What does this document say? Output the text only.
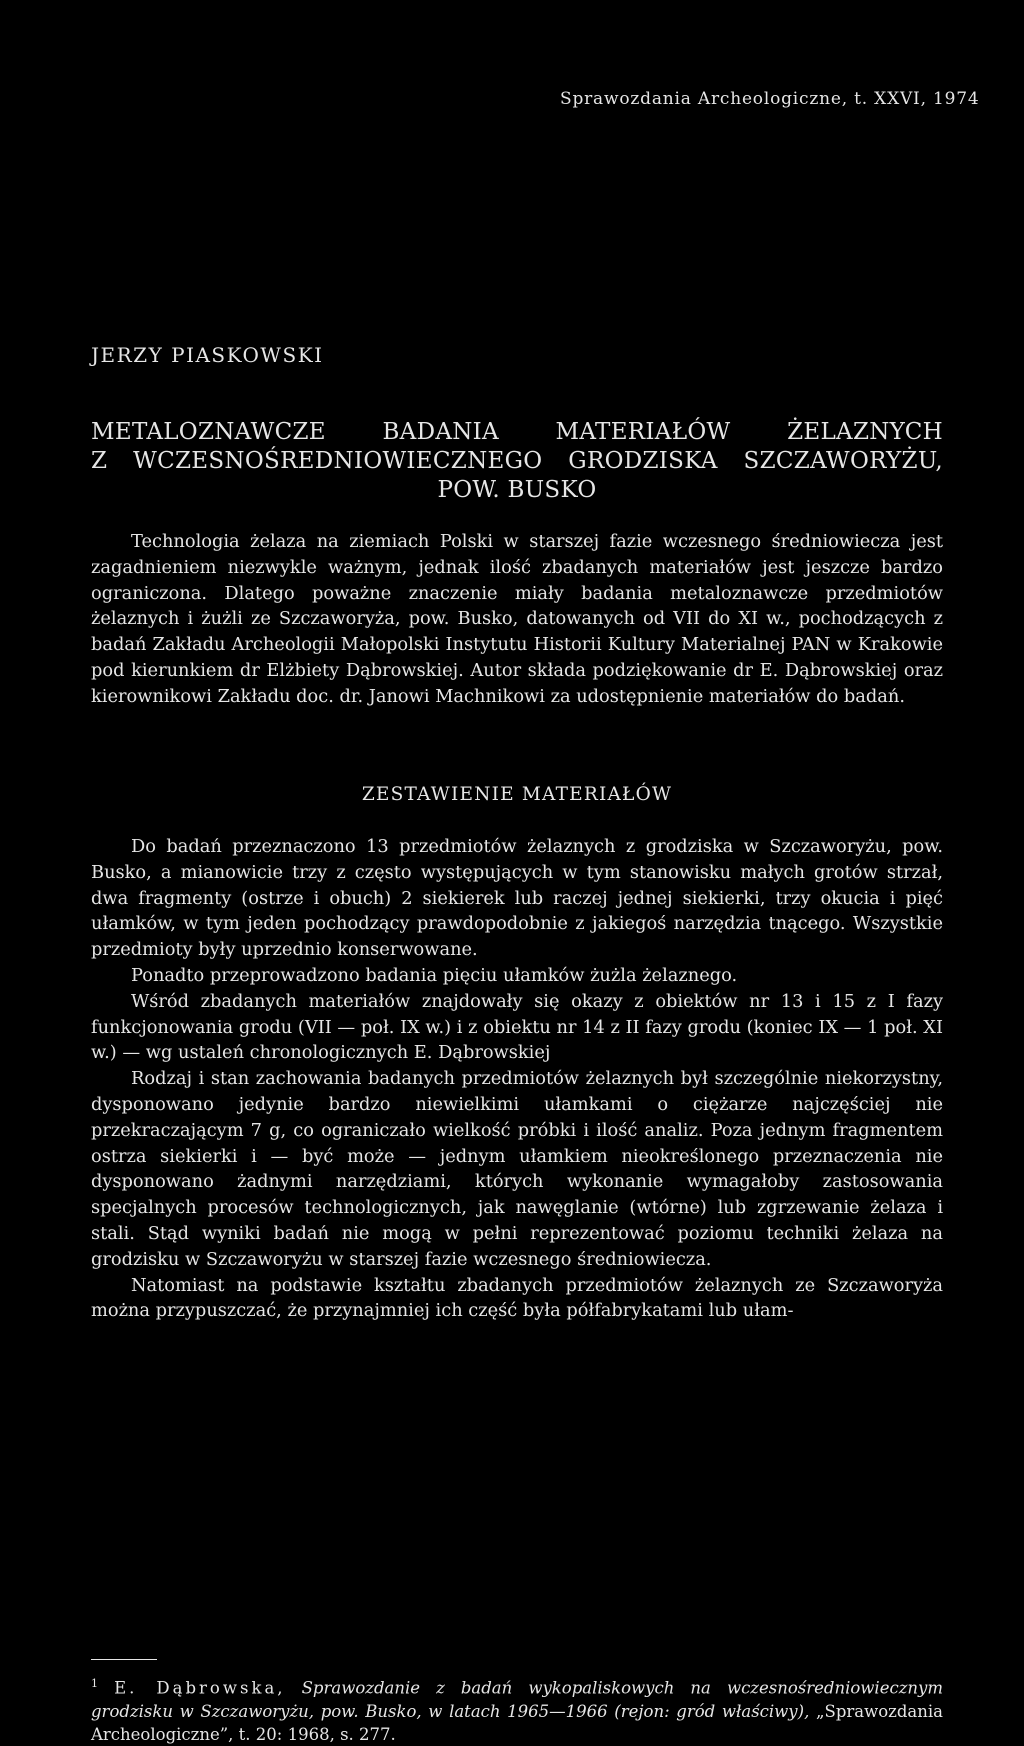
Sprawozdania Archeologiczne, t. XXVI, 1974
JERZY PIASKOWSKI
METALOZNAWCZE BADANIA MATERIAŁÓW ŻELAZNYCH
Z WCZESNOŚREDNIOWIECZNEGO GRODZISKA SZCZAWORYŻU,
POW. BUSKO

Technologia żelaza na ziemiach Polski w starszej fazie wczesnego średniowiecza jest zagadnieniem niezwykle ważnym, jednak ilość zbadanych materiałów jest jeszcze bardzo ograniczona. Dlatego poważne znaczenie miały badania metaloznawcze przedmiotów żelaznych i żużli ze Szczaworyża, pow. Busko, datowanych od VII do XI w., pochodzących z badań Zakładu Archeologii Małopolski Instytutu Historii Kultury Materialnej PAN w Krakowie pod kierunkiem dr Elżbiety Dąbrowskiej. Autor składa podziękowanie dr E. Dąbrowskiej oraz kierownikowi Zakładu doc. dr. Janowi Machnikowi za udostępnienie materiałów do badań.

ZESTAWIENIE MATERIAŁÓW

Do badań przeznaczono 13 przedmiotów żelaznych z grodziska w Szczaworyżu, pow. Busko, a mianowicie trzy z często występujących w tym stanowisku małych grotów strzał, dwa fragmenty (ostrze i obuch) 2 siekierek lub raczej jednej siekierki, trzy okucia i pięć ułamków, w tym jeden pochodzący prawdopodobnie z jakiegoś narzędzia tnącego. Wszystkie przedmioty były uprzednio konserwowane.

Ponadto przeprowadzono badania pięciu ułamków żużla żelaznego.

Wśród zbadanych materiałów znajdowały się okazy z obiektów nr 13 i 15 z I fazy funkcjonowania grodu (VII — poł. IX w.) i z obiektu nr 14 z II fazy grodu (koniec IX — 1 poł. XI w.) — wg ustaleń chronologicznych E. Dąbrowskiej

Rodzaj i stan zachowania badanych przedmiotów żelaznych był szczególnie niekorzystny, dysponowano jedynie bardzo niewielkimi ułamkami o ciężarze najczęściej nie przekraczającym 7 g, co ograniczało wielkość próbki i ilość analiz. Poza jednym fragmentem ostrza siekierki i — być może — jednym ułamkiem nieokreślonego przeznaczenia nie dysponowano żadnymi narzędziami, których wykonanie wymagałoby zastosowania specjalnych procesów technologicznych, jak nawęglanie (wtórne) lub zgrzewanie żelaza i stali. Stąd wyniki badań nie mogą w pełni reprezentować poziomu techniki żelaza na grodzisku w Szczaworyżu w starszej fazie wczesnego średniowiecza.

Natomiast na podstawie kształtu zbadanych przedmiotów żelaznych ze Szczaworyża można przypuszczać, że przynajmniej ich część była półfabrykatami lub ułam-

$^1$ E. Dąbrowska, Sprawozdanie z badań wykopaliskowych na wczesnośredniowiecznym grodzisku w Szczaworyżu, pow. Busko, w latach 1965—1966 (rejon: gród właściwy), „Sprawozdania Archeologiczne”, t. 20: 1968, s. 277.
